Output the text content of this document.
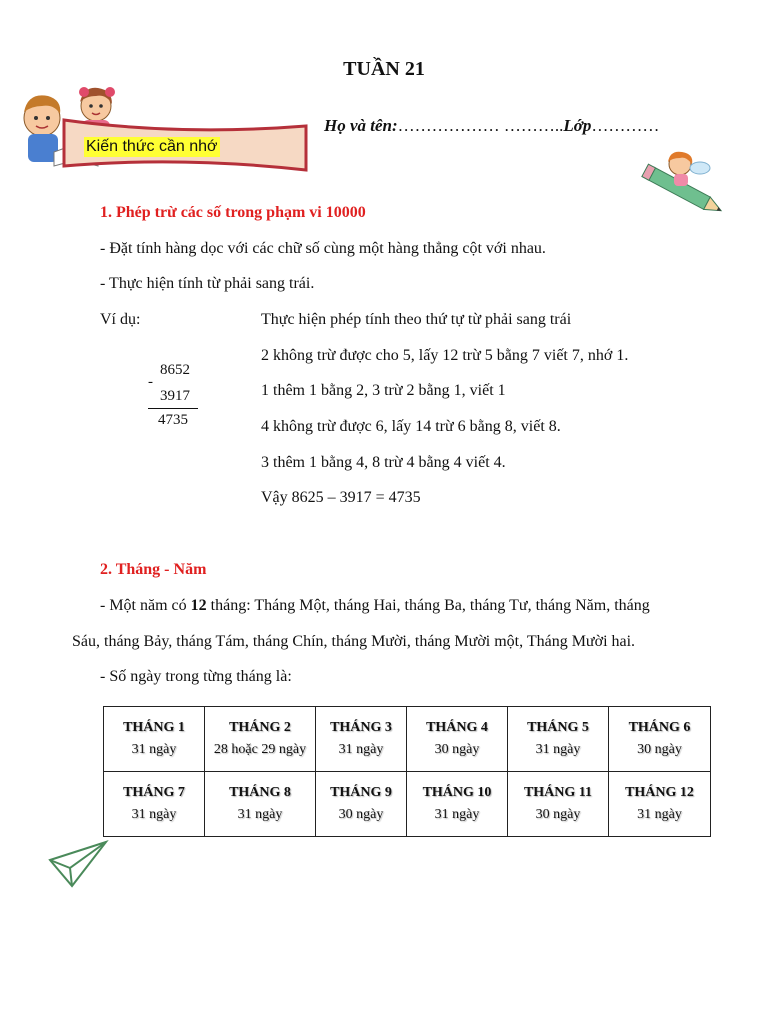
TUẦN 21
Kiến thức cần nhớ
Họ và tên:……………… ………..Lớp…………
1. Phép trừ các số trong phạm vi 10000
- Đặt tính hàng dọc với các chữ số cùng một hàng thẳng cột với nhau.
- Thực hiện tính từ phải sang trái.
Ví dụ:
8652
-
3917
4735
Thực hiện phép tính theo thứ tự từ phải sang trái
2 không trừ được cho 5, lấy 12 trừ 5 bằng 7 viết 7, nhớ 1.
1 thêm 1 bằng 2, 3 trừ 2 bằng 1, viết 1
4 không trừ được 6, lấy 14 trừ 6 bằng 8, viết 8.
3 thêm 1 bằng 4, 8 trừ 4 bằng 4 viết 4.
Vậy 8625 – 3917 = 4735
2. Tháng - Năm
- Một năm có 12 tháng: Tháng Một, tháng Hai, tháng Ba, tháng Tư, tháng Năm, tháng
Sáu, tháng Bảy, tháng Tám, tháng Chín, tháng Mười, tháng Mười một, Tháng Mười hai.
- Số ngày trong từng tháng là:
THÁNG 1
31 ngày	THÁNG 2
28 hoặc 29 ngày	THÁNG 3
31 ngày	THÁNG 4
30 ngày	THÁNG 5
31 ngày	THÁNG 6
30 ngày

THÁNG 7
31 ngày	THÁNG 8
31 ngày	THÁNG 9
30 ngày	THÁNG 10
31 ngày	THÁNG 11
30 ngày	THÁNG 12
31 ngày
